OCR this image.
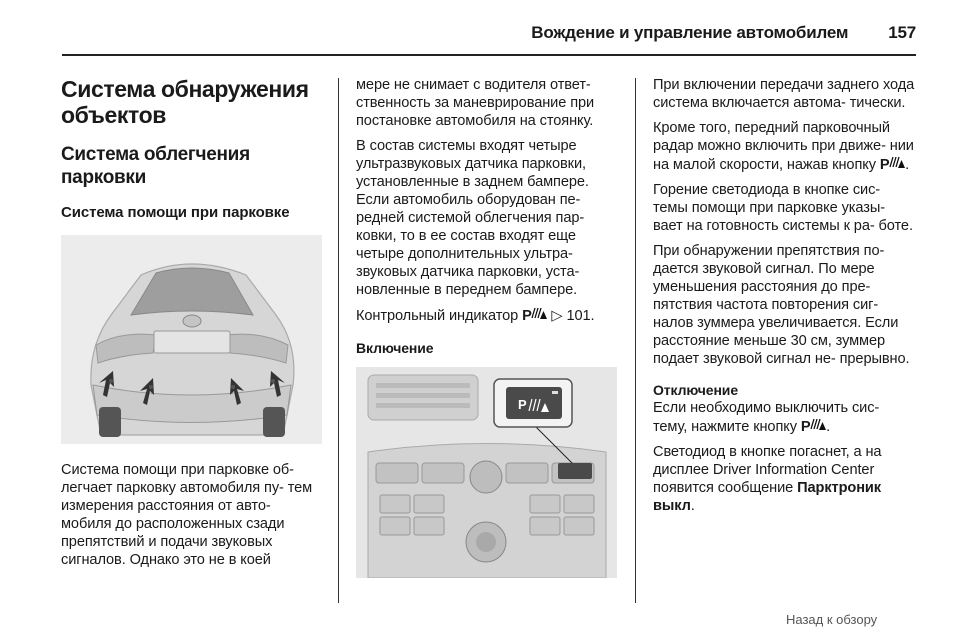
Вождение и управление автомобилем 157
Система обнаружения объектов
Система облегчения парковки
Система помощи при парковке

Система помощи при парковке об- легчает парковку автомобиля пу- тем измерения расстояния от авто- мобиля до расположенных сзади препятствий и подачи звуковых сигналов. Однако это не в коей

мере не снимает с водителя ответ- ственность за маневрирование при постановке автомобиля на стоянку.

В состав системы входят четыре ультразвуковых датчика парковки, установленные в заднем бампере. Если автомобиль оборудован пе- редней системой облегчения пар- ковки, то в ее состав входят еще четыре дополнительных ультра- звуковых датчика парковки, уста- новленные в переднем бампере.

Контрольный индикатор P ▷ 101.

Включение
P

При включении передачи заднего хода система включается автома- тически.

Кроме того, передний парковочный радар можно включить при движе- нии на малой скорости, нажав кнопку P .

Горение светодиода в кнопке сис- темы помощи при парковке указы- вает на готовность системы к ра- боте.

При обнаружении препятствия по- дается звуковой сигнал. По мере уменьшения расстояния до пре- пятствия частота повторения сиг- налов зуммера увеличивается. Если расстояние меньше 30 см, зуммер подает звуковой сигнал не- прерывно.

Отключение

Если необходимо выключить сис- тему, нажмите кнопку P .

Светодиод в кнопке погаснет, а на дисплее Driver Information Center появится сообщение Парктроник выкл.

Назад к обзору
